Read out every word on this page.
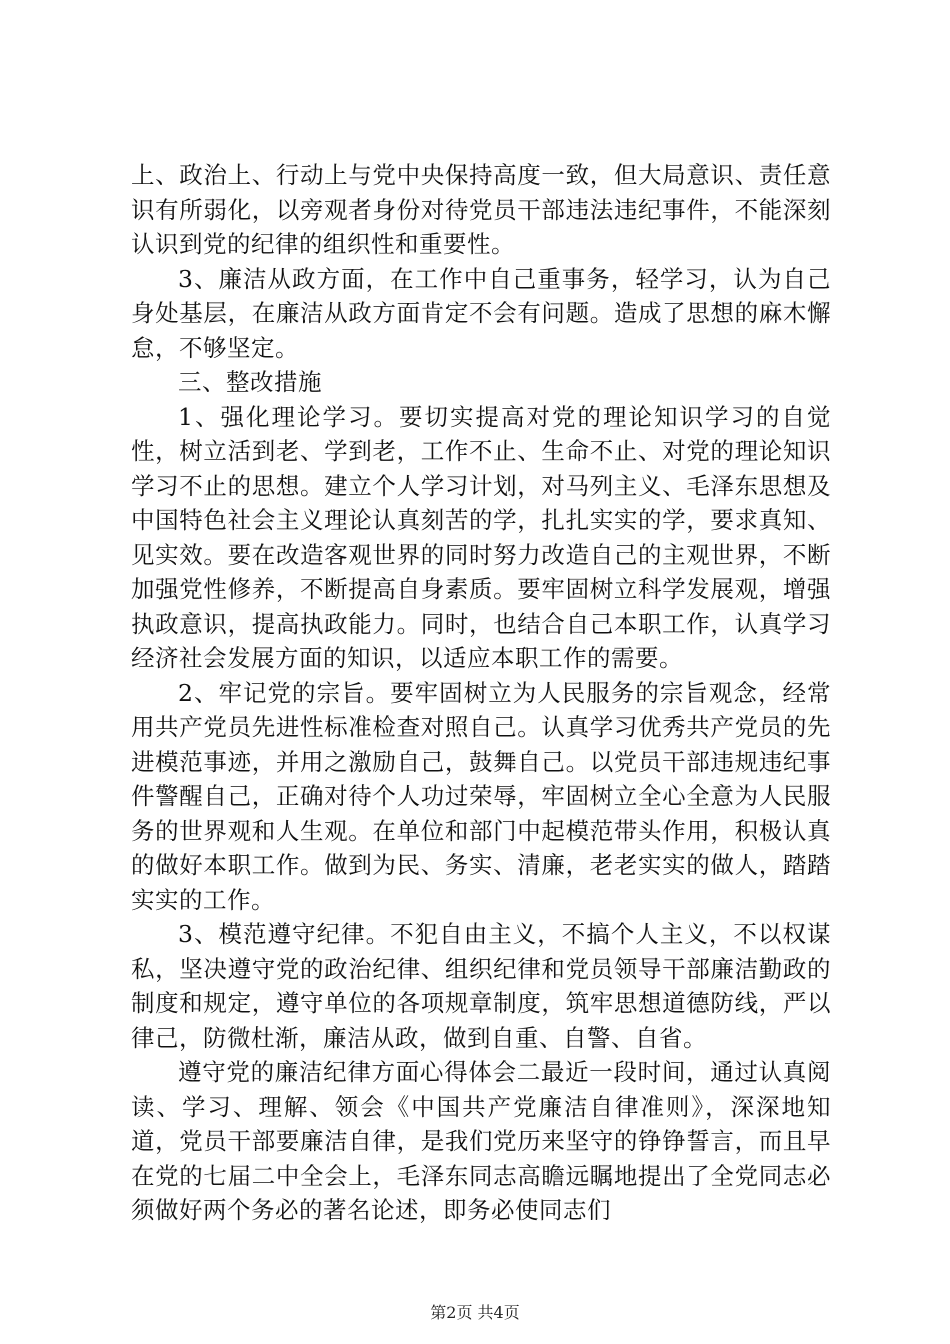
上、政治上、行动上与党中央保持高度一致，但大局意识、责任意识有所弱化，以旁观者身份对待党员干部违法违纪事件，不能深刻认识到党的纪律的组织性和重要性。

3、廉洁从政方面，在工作中自己重事务，轻学习，认为自己身处基层，在廉洁从政方面肯定不会有问题。造成了思想的麻木懈怠，不够坚定。

三、整改措施

1、强化理论学习。要切实提高对党的理论知识学习的自觉性，树立活到老、学到老，工作不止、生命不止、对党的理论知识学习不止的思想。建立个人学习计划，对马列主义、毛泽东思想及中国特色社会主义理论认真刻苦的学，扎扎实实的学，要求真知、见实效。要在改造客观世界的同时努力改造自己的主观世界，不断加强党性修养，不断提高自身素质。要牢固树立科学发展观，增强执政意识，提高执政能力。同时，也结合自己本职工作，认真学习经济社会发展方面的知识，以适应本职工作的需要。

2、牢记党的宗旨。要牢固树立为人民服务的宗旨观念，经常用共产党员先进性标准检查对照自己。认真学习优秀共产党员的先进模范事迹，并用之激励自己，鼓舞自己。以党员干部违规违纪事件警醒自己，正确对待个人功过荣辱，牢固树立全心全意为人民服务的世界观和人生观。在单位和部门中起模范带头作用，积极认真的做好本职工作。做到为民、务实、清廉，老老实实的做人，踏踏实实的工作。

3、模范遵守纪律。不犯自由主义，不搞个人主义，不以权谋私，坚决遵守党的政治纪律、组织纪律和党员领导干部廉洁勤政的制度和规定，遵守单位的各项规章制度，筑牢思想道德防线，严以律己，防微杜渐，廉洁从政，做到自重、自警、自省。

遵守党的廉洁纪律方面心得体会二最近一段时间，通过认真阅读、学习、理解、领会《中国共产党廉洁自律准则》，深深地知道，党员干部要廉洁自律，是我们党历来坚守的铮铮誓言，而且早在党的七届二中全会上，毛泽东同志高瞻远瞩地提出了全党同志必须做好两个务必的著名论述，即务必使同志们

第2页 共4页
